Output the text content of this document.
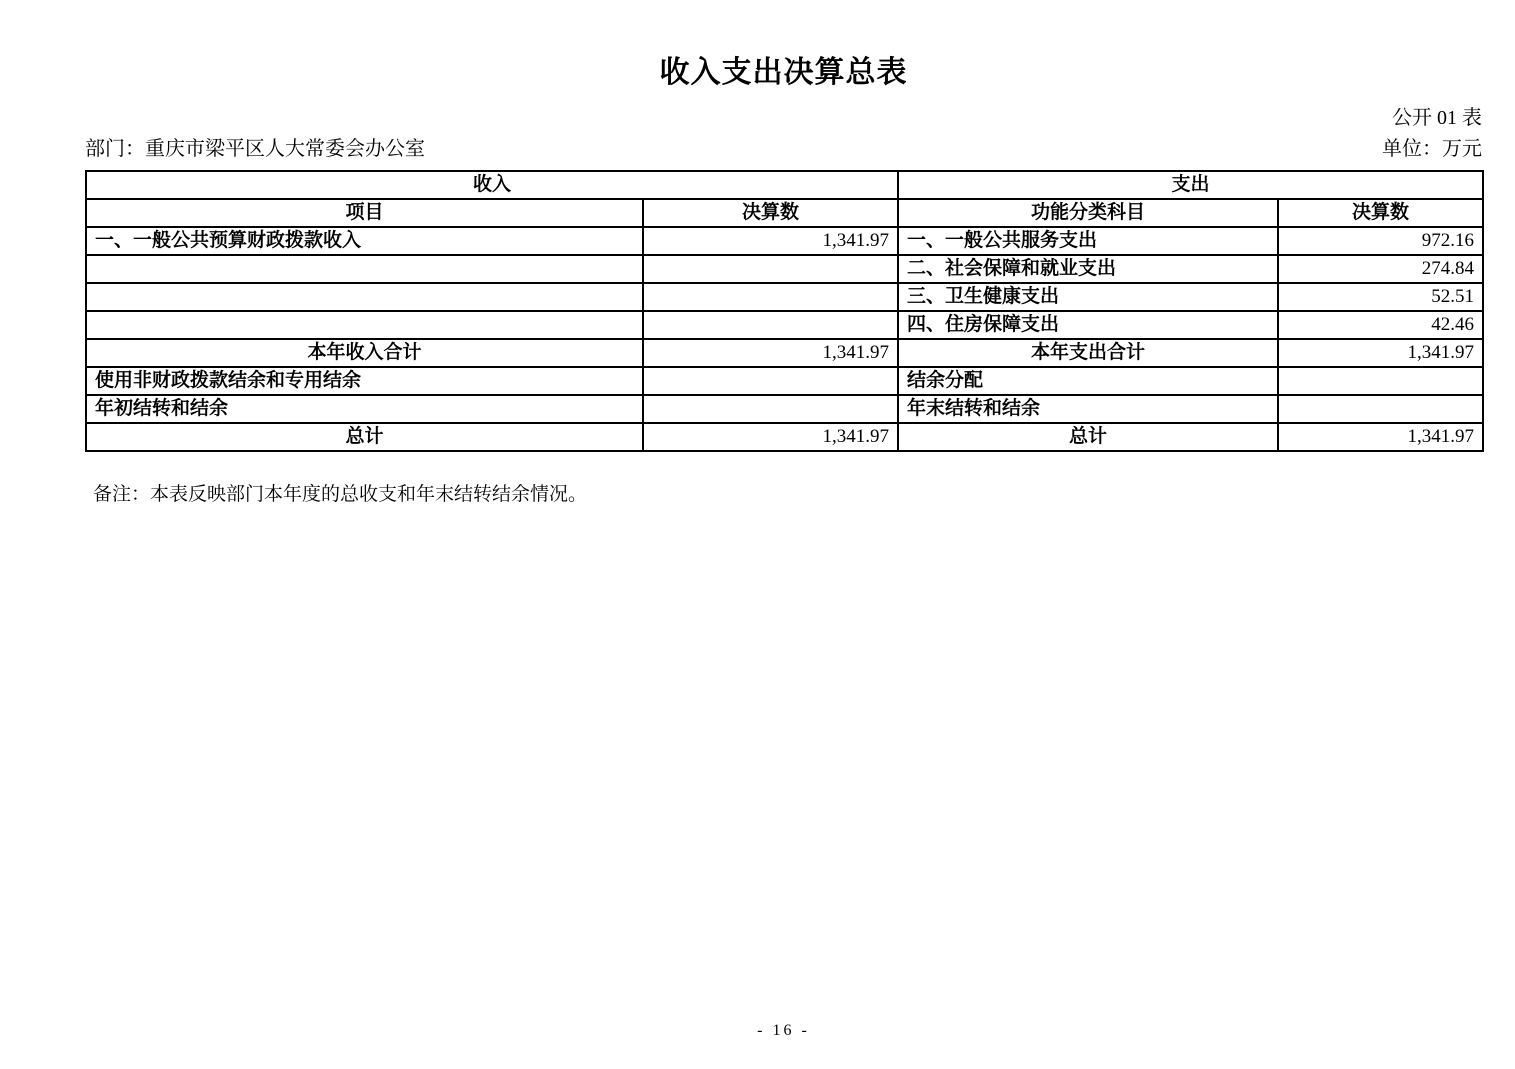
收入支出决算总表
公开 01 表
部门：重庆市梁平区人大常委会办公室	单位：万元
收入		支出	
项目	决算数	功能分类科目	决算数
一、一般公共预算财政拨款收入	1,341.97	一、一般公共服务支出	972.16
		二、社会保障和就业支出	274.84
		三、卫生健康支出	52.51
		四、住房保障支出	42.46
本年收入合计	1,341.97	本年支出合计	1,341.97
使用非财政拨款结余和专用结余		结余分配	
年初结转和结余		年末结转和结余	
总计	1,341.97	总计	1,341.97
备注：本表反映部门本年度的总收支和年末结转结余情况。
- 16 -
